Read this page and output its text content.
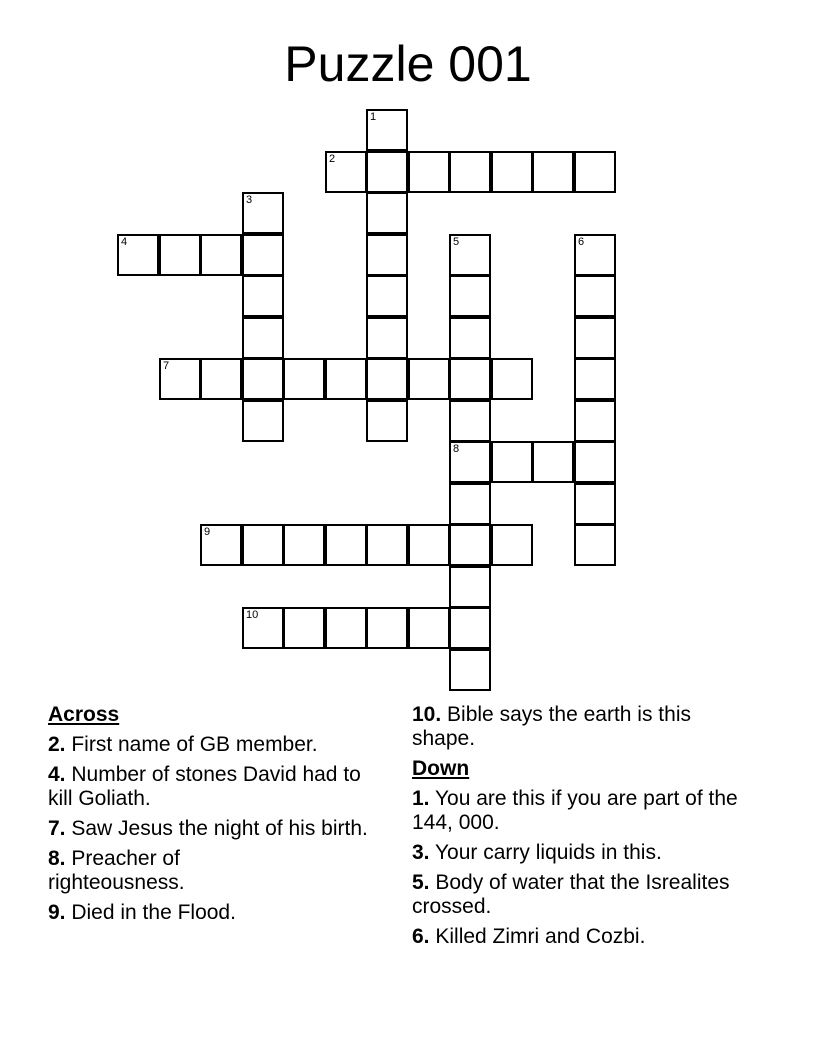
Puzzle 001
1
2
3
4	5
8
6
7
9
10
Across
2. First name of GB member.
4. Number of stones David had to kill Goliath.
7. Saw Jesus the night of his birth.
8. Preacher of righteousness.
9. Died in the Flood.
10. Bible says the earth is this shape.
Down
1. You are this if you are part of the 144, 000.
3. Your carry liquids in this.
5. Body of water that the Isrealites crossed.
6. Killed Zimri and Cozbi.
